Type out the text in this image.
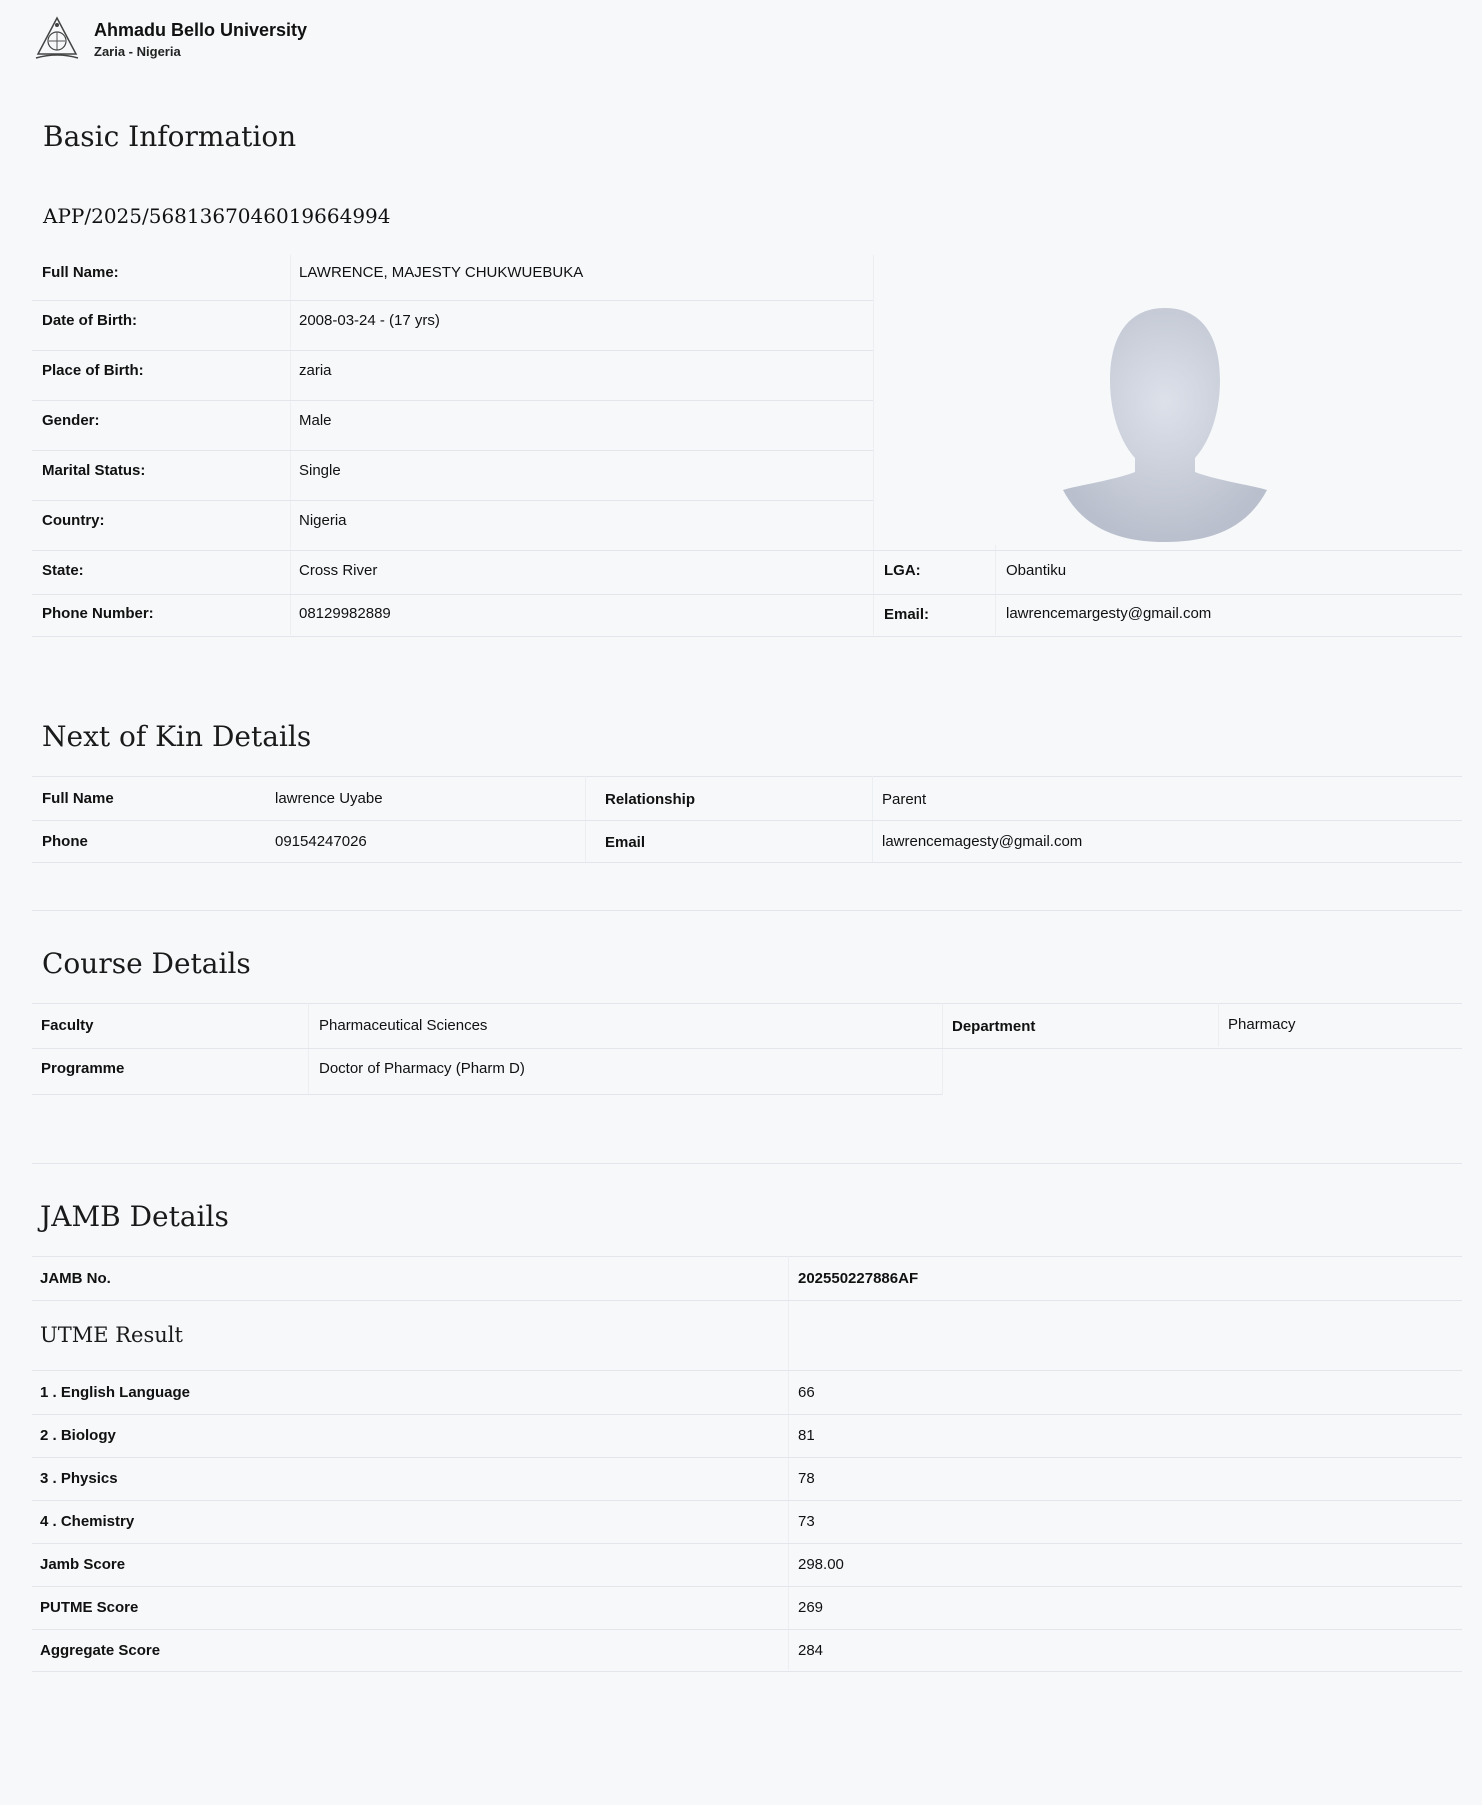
Ahmadu Bello University
Zaria - Nigeria
Basic Information
APP/2025/5681367046019664994
Full Name:	LAWRENCE, MAJESTY CHUKWUEBUKA
Date of Birth:	2008-03-24 - (17 yrs)
Place of Birth:	zaria
Gender:	Male
Marital Status:	Single
Country:	Nigeria
State:	Cross River	LGA:	Obantiku
Phone Number:	08129982889	Email:	lawrencemargesty@gmail.com
Next of Kin Details
Full Name	lawrence Uyabe	Relationship	Parent
Phone	09154247026	Email	lawrencemagesty@gmail.com
Course Details
Faculty	Pharmaceutical Sciences	Department	Pharmacy
Programme	Doctor of Pharmacy (Pharm D)
JAMB Details
JAMB No.	202550227886AF
UTME Result
1 . English Language	66
2 . Biology	81
3 . Physics	78
4 . Chemistry	73
Jamb Score	298.00
PUTME Score	269
Aggregate Score	284
